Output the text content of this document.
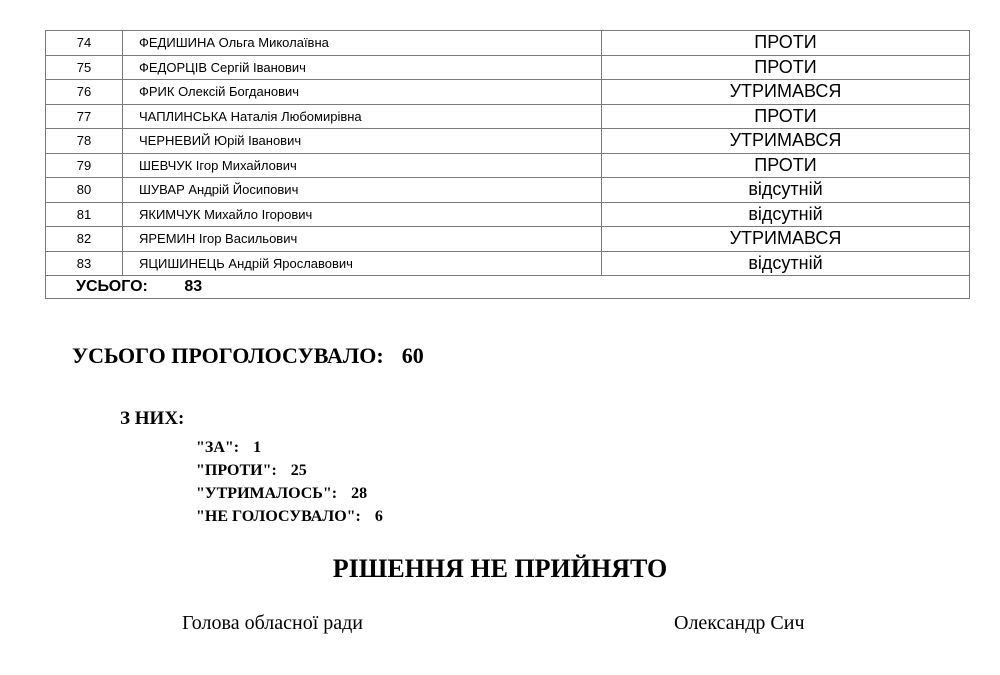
74	ФЕДИШИНА Ольга Миколаївна	ПРОТИ
75	ФЕДОРЦІВ Сергій Іванович	ПРОТИ
76	ФРИК Олексій Богданович	УТРИМАВСЯ
77	ЧАПЛИНСЬКА Наталія Любомирівна	ПРОТИ
78	ЧЕРНЕВИЙ Юрій Іванович	УТРИМАВСЯ
79	ШЕВЧУК Ігор Михайлович	ПРОТИ
80	ШУВАР Андрій Йосипович	відсутній
81	ЯКИМЧУК Михайло Ігорович	відсутній
82	ЯРЕМИН Ігор Васильович	УТРИМАВСЯ
83	ЯЦИШИНЕЦЬ Андрій Ярославович	відсутній
УСЬОГО: 83		
УСЬОГО ПРОГОЛОСУВАЛО: 60
З НИХ:
"ЗА": 1
"ПРОТИ": 25
"УТРИМАЛОСЬ": 28
"НЕ ГОЛОСУВАЛО": 6
РІШЕННЯ НЕ ПРИЙНЯТО
Голова обласної ради	Олександр Сич
